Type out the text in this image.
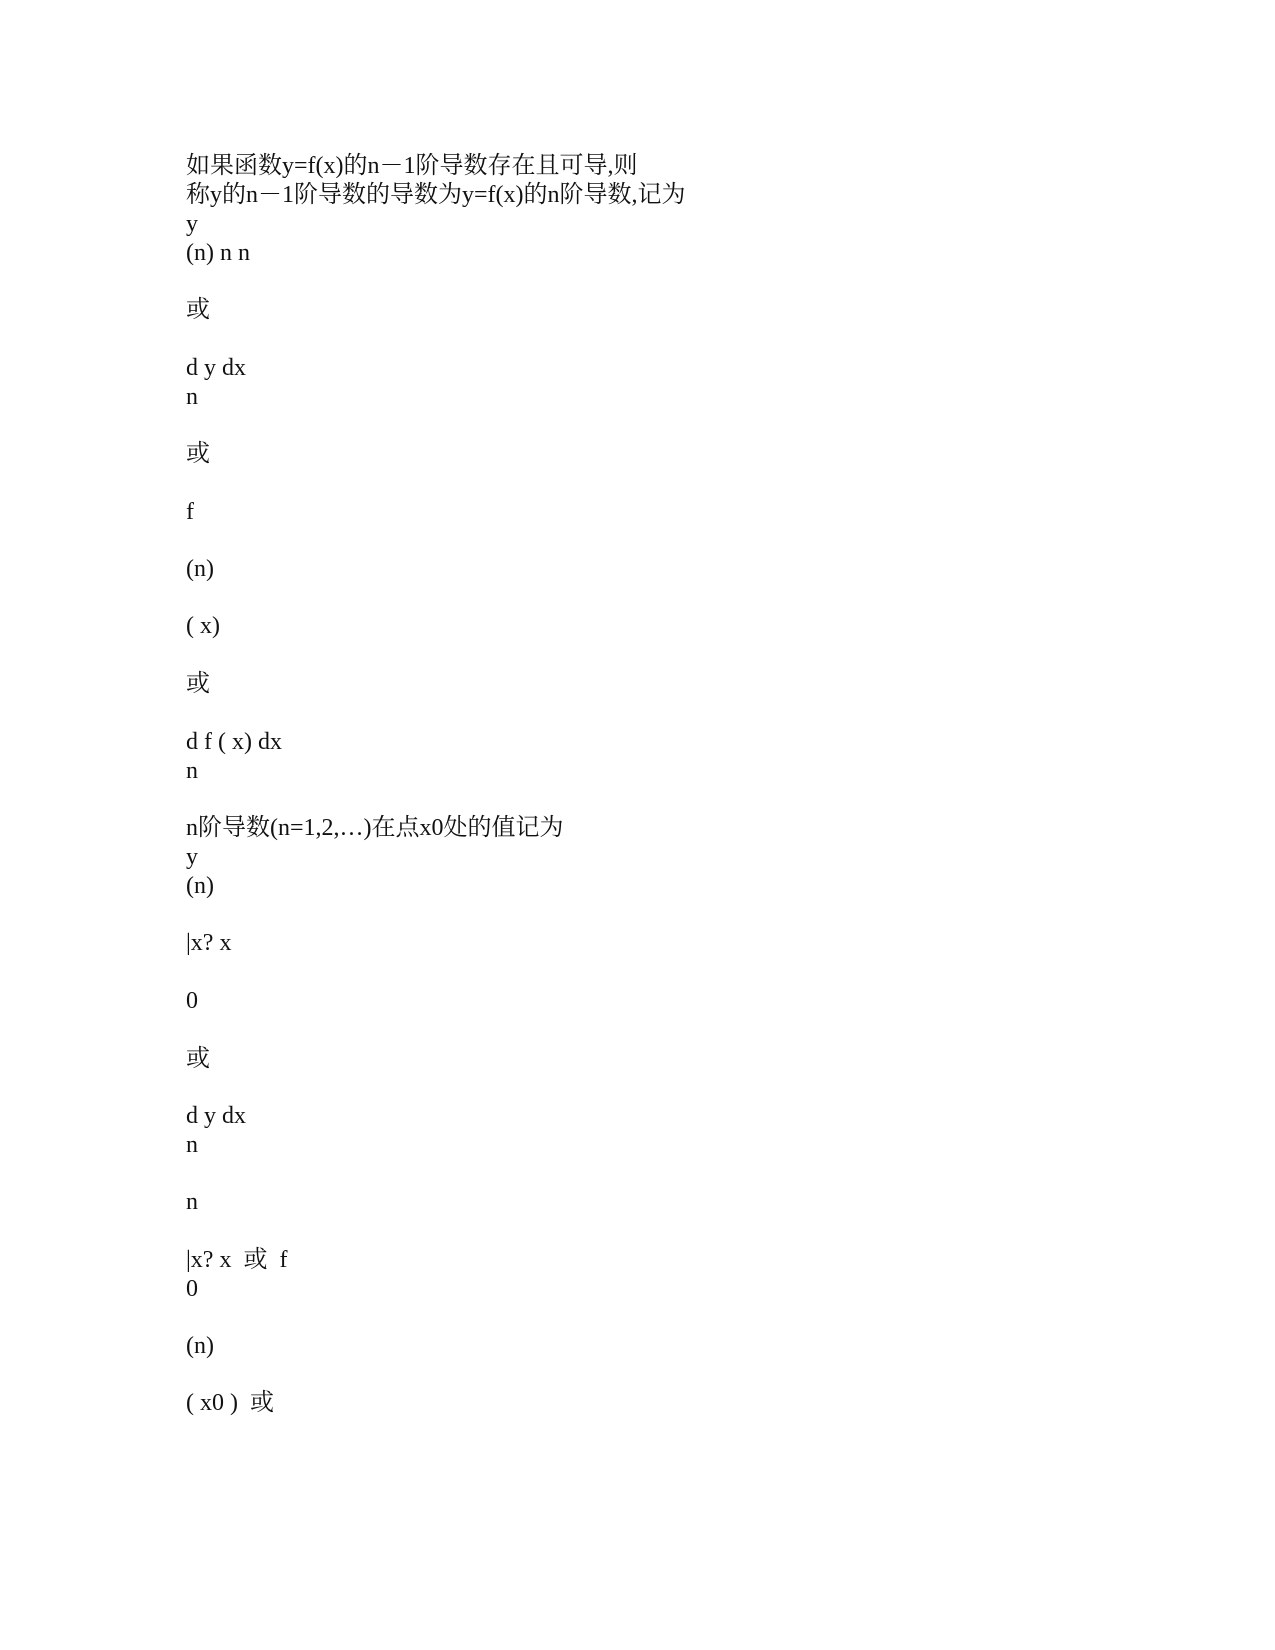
如果函数y=f(x)的n－1阶导数存在且可导,则
称y的n－1阶导数的导数为y=f(x)的n阶导数,记为
y
(n) n n
或
d y dx
n
或
f
(n)
( x)
或
d f ( x) dx
n
n阶导数(n=1,2,…)在点x0处的值记为
y
(n)
|x? x
0
或
d y dx
n
n
|x? x  或  f
0
(n)
( x0 )  或
